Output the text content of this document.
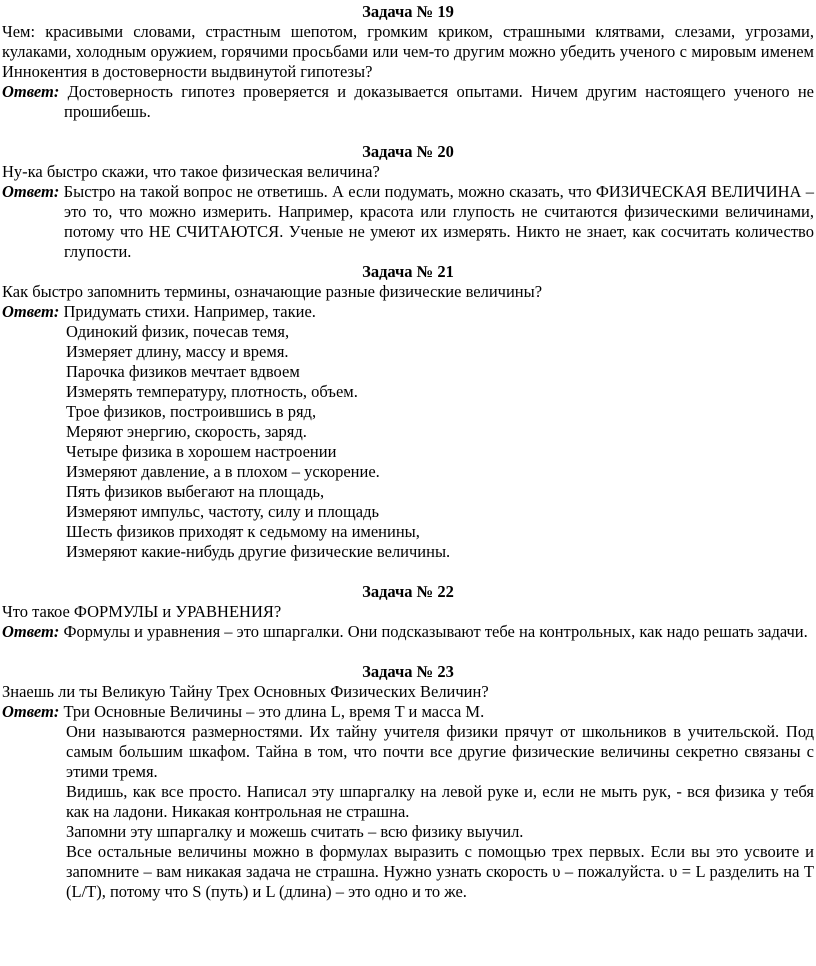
Задача № 19

Чем: красивыми словами, страстным шепотом, громким криком, страшными клятвами, слезами, угрозами, кулаками, холодным оружием, горячими просьбами или чем-то другим можно убедить ученого с мировым именем Иннокентия в достоверности выдвинутой гипотезы?

Ответ: Достоверность гипотез проверяется и доказывается опытами. Ничем другим настоящего ученого не прошибешь.

Задача № 20

Ну-ка быстро скажи, что такое физическая величина?

Ответ: Быстро на такой вопрос не ответишь. А если подумать, можно сказать, что ФИЗИЧЕСКАЯ ВЕЛИЧИНА – это то, что можно измерить. Например, красота или глупость не считаются физическими величинами, потому что НЕ СЧИТАЮТСЯ. Ученые не умеют их измерять. Никто не знает, как сосчитать количество глупости.

Задача № 21

Как быстро запомнить термины, означающие разные физические величины?

Ответ: Придумать стихи. Например, такие.

Одинокий физик, почесав темя,

Измеряет длину, массу и время.

Парочка физиков мечтает вдвоем

Измерять температуру, плотность, объем.

Трое физиков, построившись в ряд,

Меряют энергию, скорость, заряд.

Четыре физика в хорошем настроении

Измеряют давление, а в плохом – ускорение.

Пять физиков выбегают на площадь,

Измеряют импульс, частоту, силу и площадь

Шесть физиков приходят к седьмому на именины,

Измеряют какие-нибудь другие физические величины.

Задача № 22

Что такое ФОРМУЛЫ и УРАВНЕНИЯ?

Ответ: Формулы и уравнения – это шпаргалки. Они подсказывают тебе на контрольных, как надо решать задачи.

Задача № 23

Знаешь ли ты Великую Тайну Трех Основных Физических Величин?

Ответ: Три Основные Величины – это длина L, время T и масса M.

Они называются размерностями. Их тайну учителя физики прячут от школьников в учительской. Под самым большим шкафом. Тайна в том, что почти все другие физические величины секретно связаны с этими тремя.

Видишь, как все просто. Написал эту шпаргалку на левой руке и, если не мыть рук, - вся физика у тебя как на ладони. Никакая контрольная не страшна.

Запомни эту шпаргалку и можешь считать – всю физику выучил.

Все остальные величины можно в формулах выразить с помощью трех первых. Если вы это усвоите и запомните – вам никакая задача не страшна. Нужно узнать скорость υ – пожалуйста. υ = L разделить на T (L/T), потому что S (путь) и L (длина) – это одно и то же.
